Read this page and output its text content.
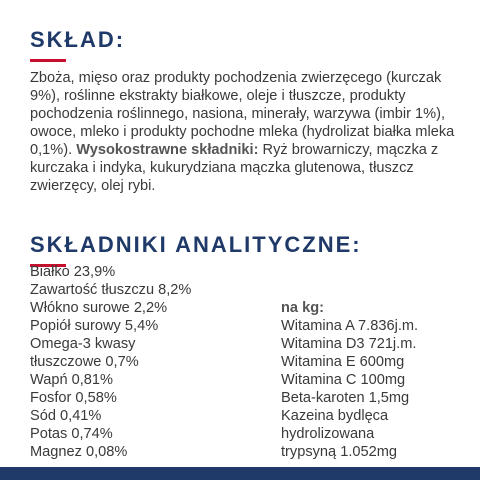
SKŁAD:

Zboża, mięso oraz produkty pochodzenia zwierzęcego (kurczak 9%), roślinne ekstrakty białkowe, oleje i tłuszcze, produkty pochodzenia roślinnego, nasiona, minerały, warzywa (imbir 1%), owoce, mleko i produkty pochodne mleka (hydrolizat białka mleka 0,1%). Wysokostrawne składniki: Ryż browarniczy, mączka z kurczaka i indyka, kukurydziana mączka glutenowa, tłuszcz zwierzęcy, olej rybi.

SKŁADNIKI ANALITYCZNE:
Białko 23,9%
Zawartość tłuszczu 8,2%
Włókno surowe 2,2%
Popiół surowy 5,4%
Omega-3 kwasy
tłuszczowe 0,7%
Wapń 0,81%
Fosfor 0,58%
Sód 0,41%
Potas 0,74%
Magnez 0,08%
na kg:
Witamina A 7.836j.m.
Witamina D3 721j.m.
Witamina E 600mg
Witamina C 100mg
Beta-karoten 1,5mg
Kazeina bydlęca
hydrolizowana
trypsyną 1.052mg
